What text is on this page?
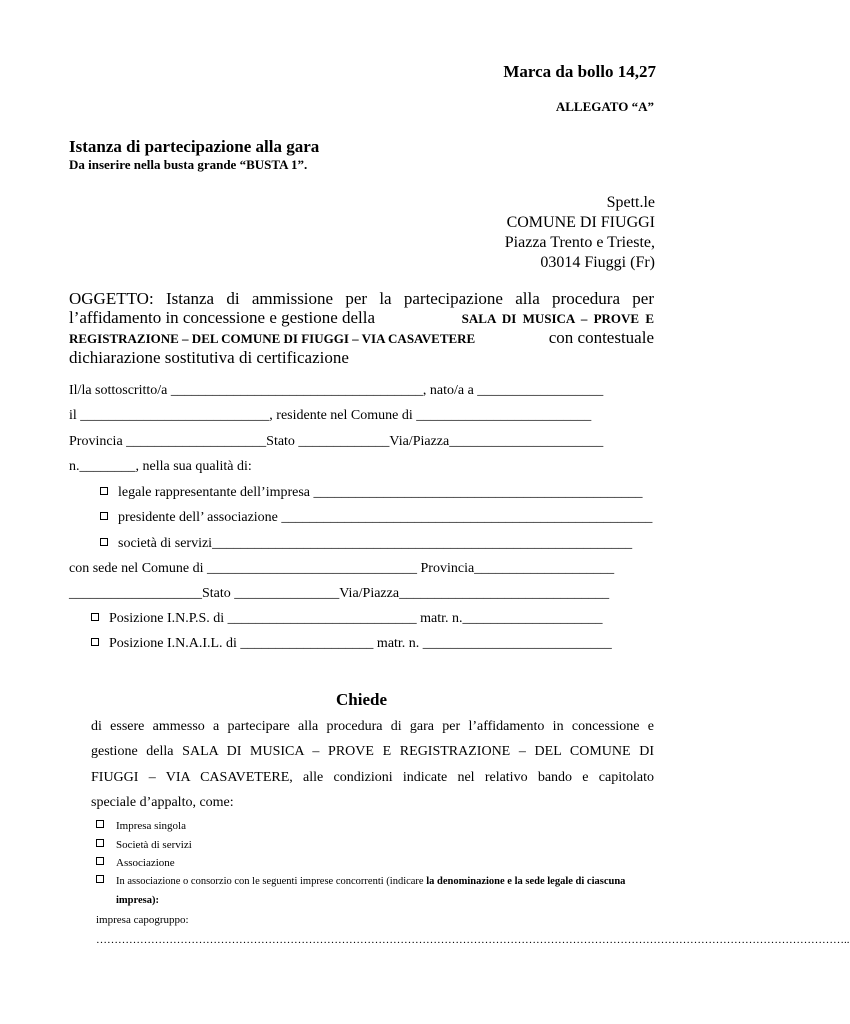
Marca da bollo 14,27
ALLEGATO “A”
Istanza di partecipazione alla gara
Da inserire nella busta grande “BUSTA 1”.
Spett.le
COMUNE DI FIUGGI
Piazza Trento e Trieste,
03014 Fiuggi (Fr)
OGGETTO: Istanza di ammissione per la partecipazione alla procedura per
l’affidamento in concessione e gestione della	SALA DI MUSICA – PROVE E
REGISTRAZIONE – DEL COMUNE DI FIUGGI – VIA CASAVETERE	con contestuale
dichiarazione sostitutiva di certificazione
Il/la sottoscritto/a ____________________________________, nato/a a __________________
il ___________________________, residente nel Comune di _________________________
Provincia ____________________Stato _____________Via/Piazza______________________
n.________, nella sua qualità di:
legale rappresentante dell’impresa _______________________________________________
presidente dell’ associazione _____________________________________________________
società di servizi____________________________________________________________
con sede nel Comune di ______________________________ Provincia____________________
___________________Stato _______________Via/Piazza______________________________
Posizione I.N.P.S. di ___________________________ matr. n.____________________
Posizione I.N.A.I.L. di ___________________ matr. n. ___________________________
Chiede
di essere ammesso a partecipare alla procedura di gara per l’affidamento in concessione e
gestione della SALA DI MUSICA – PROVE E REGISTRAZIONE – DEL COMUNE DI
FIUGGI – VIA CASAVETERE, alle condizioni indicate nel relativo bando e capitolato
speciale d’appalto, come:
Impresa singola
Società di servizi
Associazione
In associazione o consorzio con le seguenti imprese concorrenti (indicare la denominazione e la sede legale di ciascuna
impresa):
impresa capogruppo:
……………………………………………………………………………………………………………………………………………………………………………………..
